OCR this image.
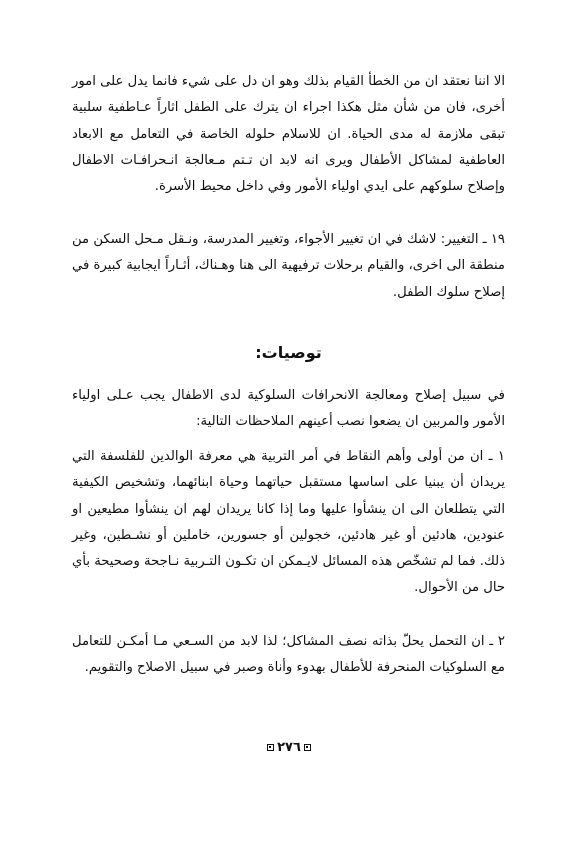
الا اننا نعتقد ان من الخطأ القيام بذلك وهو ان دل على شيء فانما يدل على امور أخرى، فان من شأن مثل هكذا اجراء ان يترك على الطفل اثاراً عـاطفية سلبية تبقى ملازمة له مدى الحياة. ان للاسلام حلوله الخاصة في التعامل مع الابعاد العاطفية لمشاكل الأطفال ويرى انه لابد ان تـتم مـعالجة انـحرافـات الاطفال وإصلاح سلوكهم على ايدي اولياء الأمور وفي داخل محيط الأسرة.

١٩ ـ التغيير: لاشك في ان تغيير الأجواء، وتغيير المدرسة، ونـقل مـحل السكن من منطقة الى اخرى، والقيام برحلات ترفيهية الى هنا وهـناك، أثـاراً ايجابية كبيرة في إصلاح سلوك الطفل.

توصيات:

في سبيل إصلاح ومعالجة الانحرافات السلوكية لدى الاطفال يجب عـلى اولياء الأمور والمربين ان يضعوا نصب أعينهم الملاحظات التالية:

١ ـ ان من أولى وأهم النقاط في أمر التربية هي معرفة الوالدين للفلسفة التي يريدان أن يبنيا على اساسها مستقبل حياتهما وحياة ابنائهما، وتشخيص الكيفية التي يتطلعان الى ان ينشأوا عليها وما إذا كانا يريدان لهم ان ينشأوا مطيعين او عنودين، هادئين أو غير هادئين، خجولين أو جسورين، خاملين أو نشـطين، وغير ذلك. فما لم تشخّص هذه المسائل لايـمكن ان تكـون التـربية نـاجحة وصحيحة بأي حال من الأحوال.

٢ ـ ان التحمل يحلّ بذاته نصف المشاكل؛ لذا لابد من السـعي مـا أمكـن للتعامل مع السلوكيات المنحرفة للأطفال بهدوء وأناة وصبر في سبيل الاصلاح والتقويم.

٢٧٦
